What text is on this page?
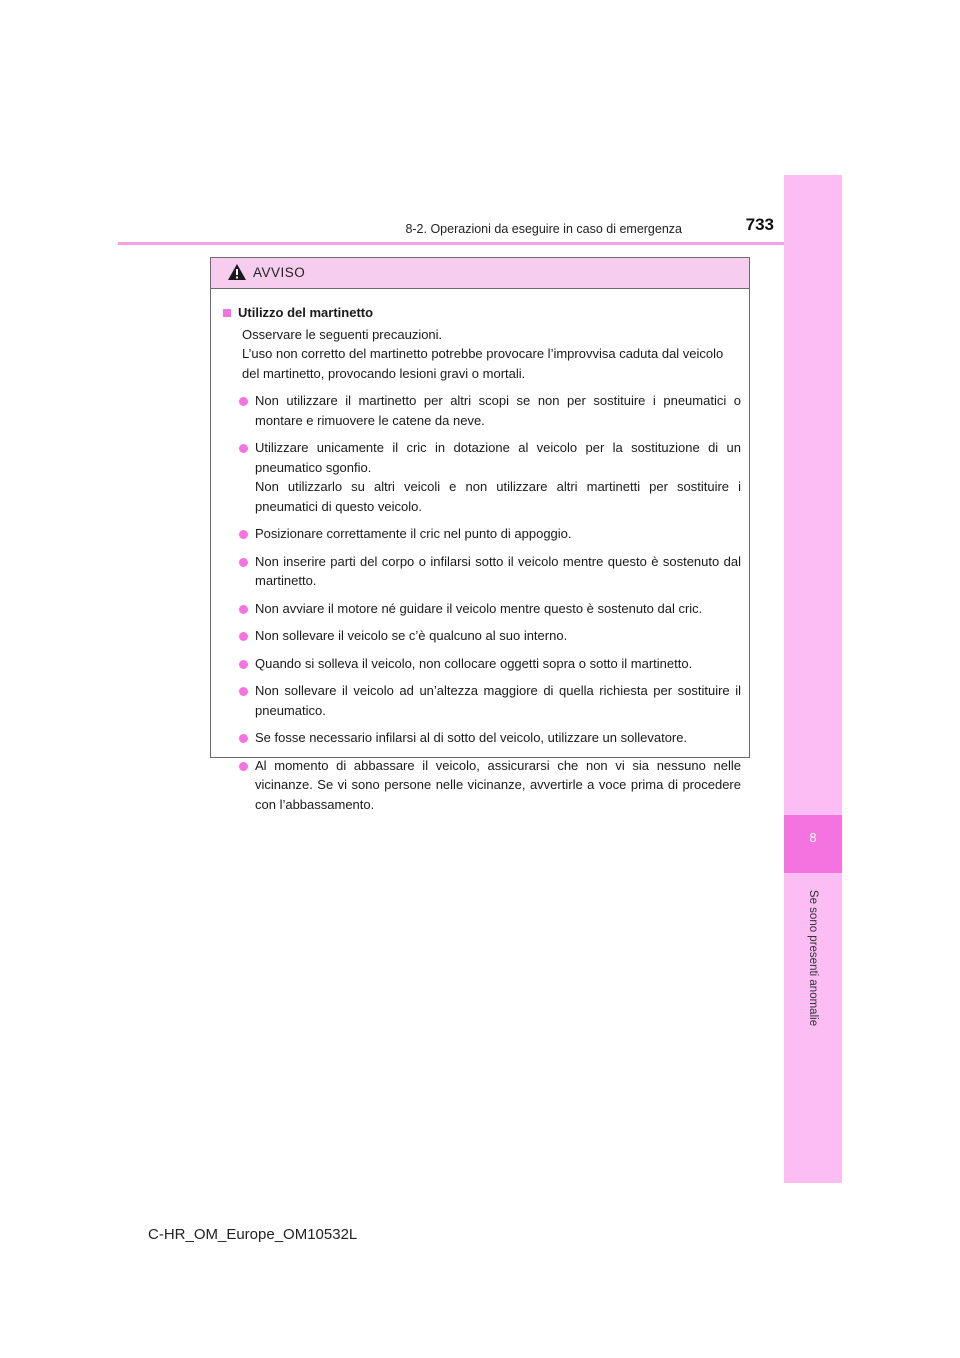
8-2. Operazioni da eseguire in caso di emergenza	733
8
Se sono presenti anomalie
AVVISO
Utilizzo del martinetto

Osservare le seguenti precauzioni.

L’uso non corretto del martinetto potrebbe provocare l’improvvisa caduta dal veicolo del martinetto, provocando lesioni gravi o mortali.

Non utilizzare il martinetto per altri scopi se non per sostituire i pneumatici o montare e rimuovere le catene da neve.

Utilizzare unicamente il cric in dotazione al veicolo per la sostituzione di un pneumatico sgonfio.

Non utilizzarlo su altri veicoli e non utilizzare altri martinetti per sostituire i pneumatici di questo veicolo.

Posizionare correttamente il cric nel punto di appoggio.

Non inserire parti del corpo o infilarsi sotto il veicolo mentre questo è sostenuto dal martinetto.

Non avviare il motore né guidare il veicolo mentre questo è sostenuto dal cric.

Non sollevare il veicolo se c’è qualcuno al suo interno.

Quando si solleva il veicolo, non collocare oggetti sopra o sotto il martinetto.

Non sollevare il veicolo ad un’altezza maggiore di quella richiesta per sostituire il pneumatico.

Se fosse necessario infilarsi al di sotto del veicolo, utilizzare un sollevatore.

Al momento di abbassare il veicolo, assicurarsi che non vi sia nessuno nelle vicinanze. Se vi sono persone nelle vicinanze, avvertirle a voce prima di procedere con l’abbassamento.

C-HR_OM_Europe_OM10532L
